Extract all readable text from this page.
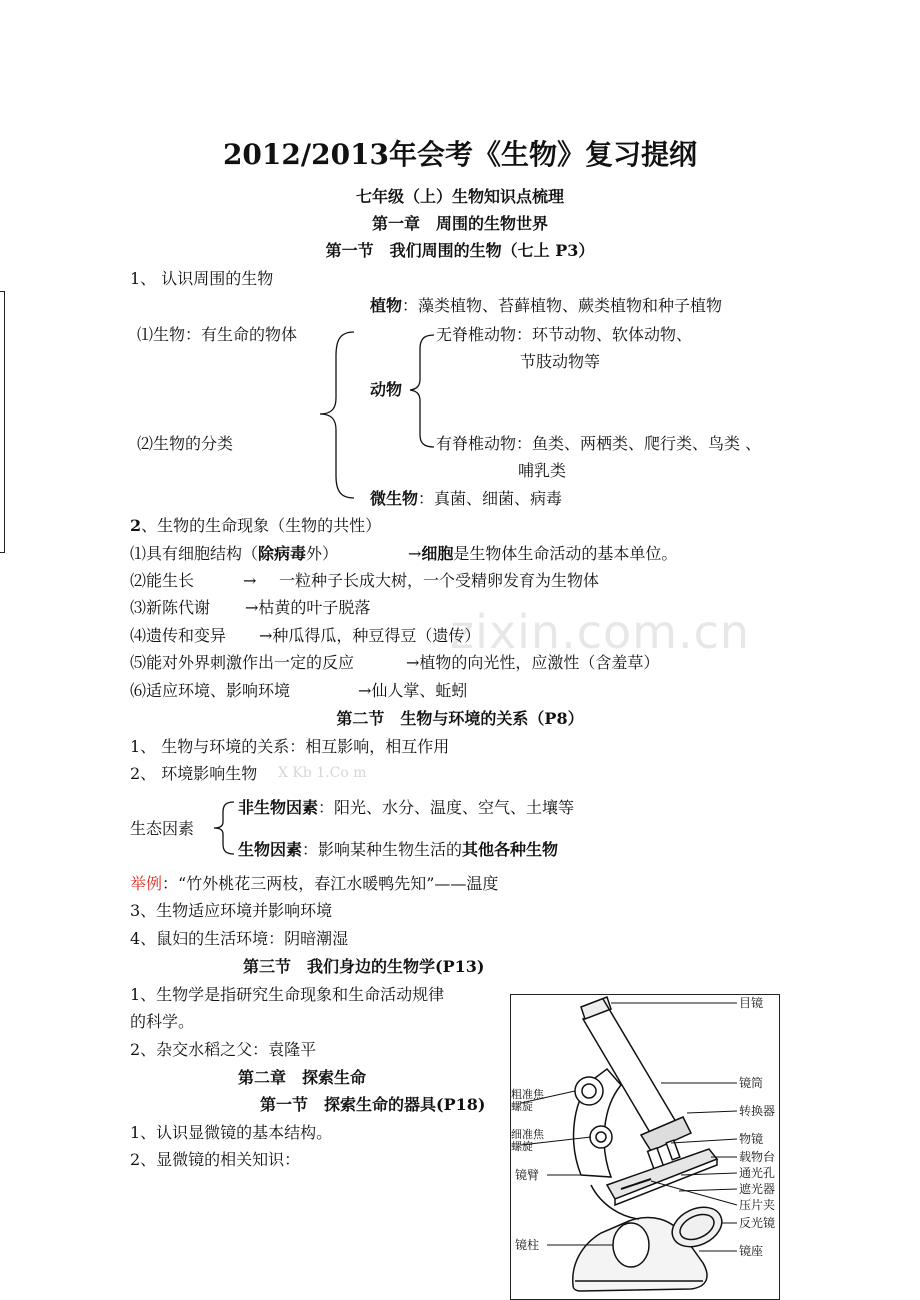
zixin.com.cn
2012/2013年会考《生物》复习提纲
七年级（上）生物知识点梳理
第一章　周围的生物世界
第一节　我们周围的生物（七上 P3）
1、 认识周围的生物
植物：藻类植物、苔藓植物、蕨类植物和种子植物
⑴生物：有生命的物体	无脊椎动物：环节动物、软体动物、
节肢动物等
动物
⑵生物的分类	有脊椎动物：鱼类、两栖类、爬行类、鸟类 、
哺乳类
微生物：真菌、细菌、病毒
2、生物的生命现象（生物的共性）
⑴具有细胞结构（除病毒外）	→细胞是生物体生命活动的基本单位。
⑵能生长	→ 一粒种子长成大树，一个受精卵发育为生物体
⑶新陈代谢 →枯黄的叶子脱落
⑷遗传和变异 →种瓜得瓜，种豆得豆（遗传）
⑸能对外界刺激作出一定的反应	→植物的向光性，应激性（含羞草）
⑹适应环境、影响环境	→仙人掌、蚯蚓
第二节　生物与环境的关系（P8）
1、 生物与环境的关系：相互影响，相互作用
2、 环境影响生物 X Kb 1.Co m
非生物因素：阳光、水分、温度、空气、土壤等
生态因素
生物因素：影响某种生物生活的其他各种生物
举例：“竹外桃花三两枝，春江水暖鸭先知”——温度
3、生物适应环境并影响环境
4、鼠妇的生活环境：阴暗潮湿
第三节　我们身边的生物学(P13)
1、生物学是指研究生命现象和生命活动规律
的科学。
2、杂交水稻之父：袁隆平
第二章　探索生命
第一节　探索生命的器具(P18)
1、认识显微镜的基本结构。
2、显微镜的相关知识：
目镜
镜筒
转换器
物镜
载物台
通光孔
遮光器
压片夹
反光镜
镜座
镜臂
镜柱
粗准焦
螺旋
细准焦
螺旋
